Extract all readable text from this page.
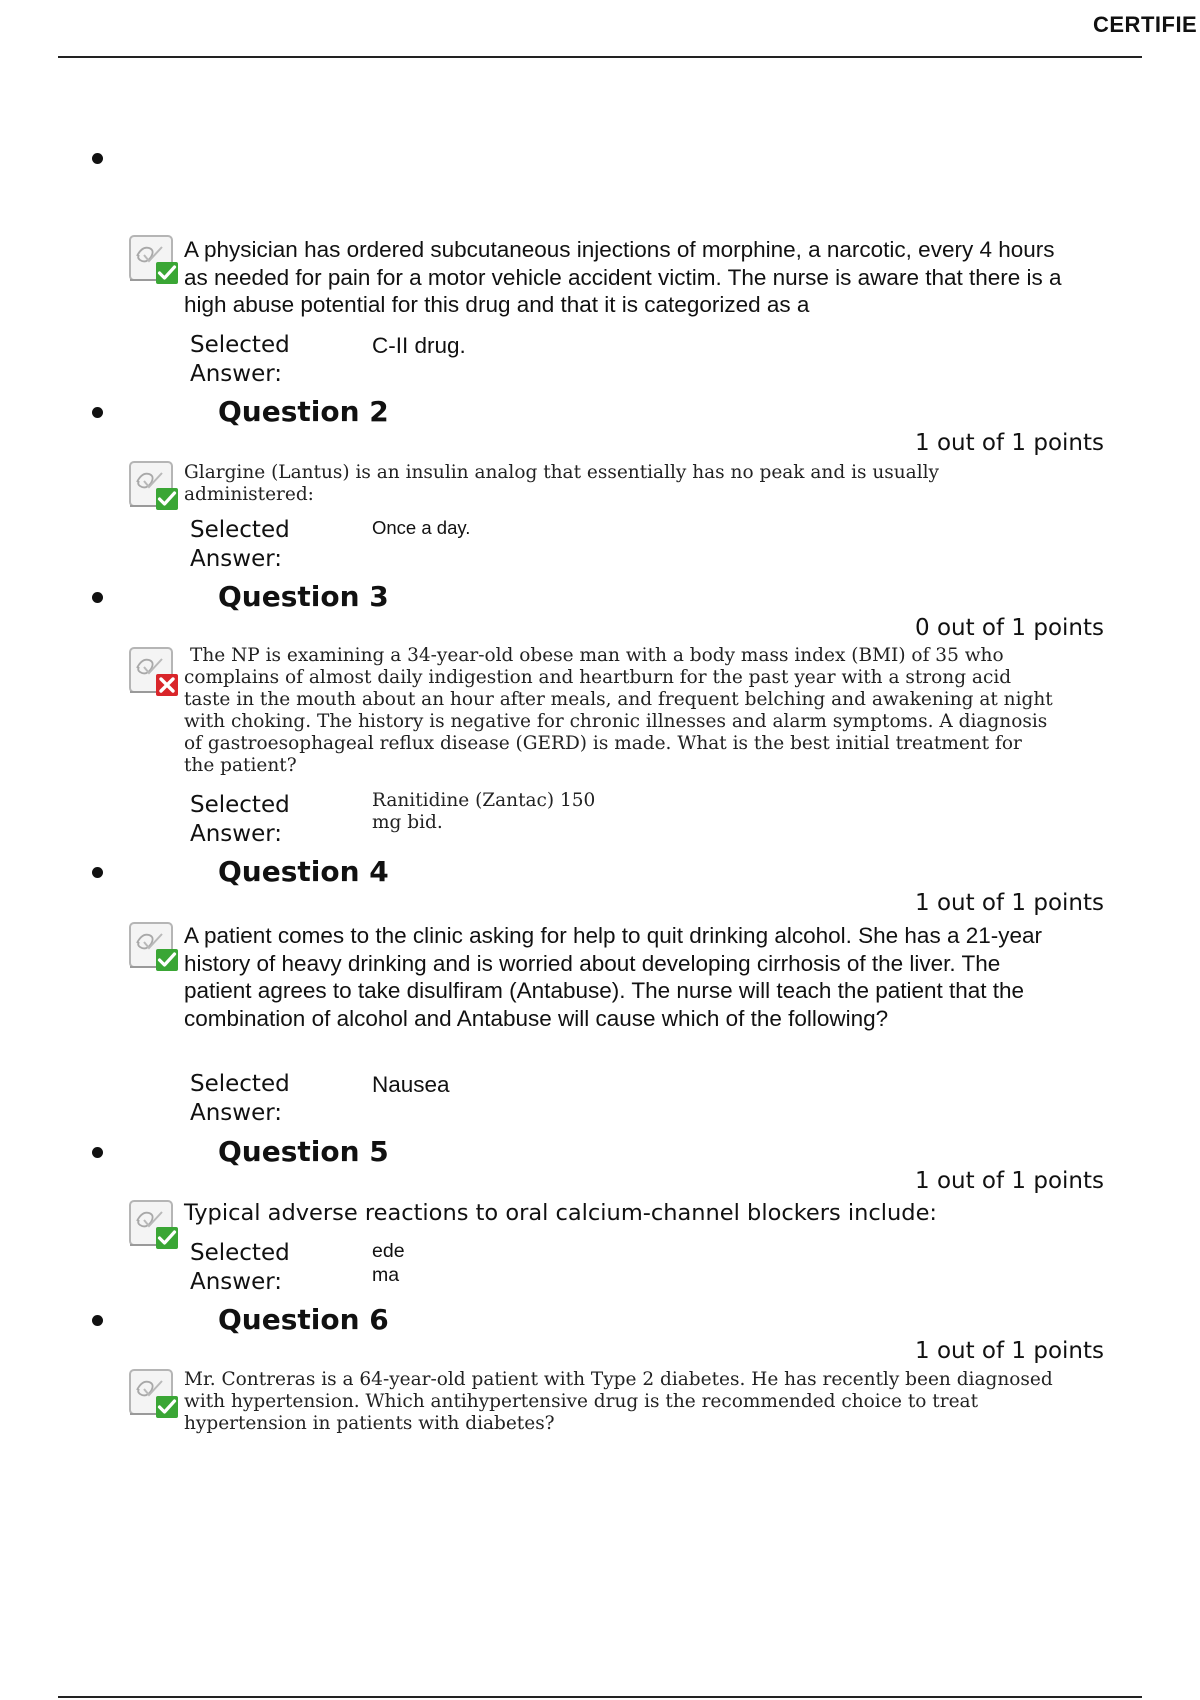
CERTIFIE

A physician has ordered subcutaneous injections of morphine, a narcotic, every 4 hours as needed for pain for a motor vehicle accident victim. The nurse is aware that there is a high abuse potential for this drug and that it is categorized as a

Selected
Answer:

C-II drug.

Question 2
1 out of 1 points

Glargine (Lantus) is an insulin analog that essentially has no peak and is usually administered:

Selected
Answer:

Once a day.

Question 3
0 out of 1 points

The NP is examining a 34-year-old obese man with a body mass index (BMI) of 35 who complains of almost daily indigestion and heartburn for the past year with a strong acid taste in the mouth about an hour after meals, and frequent belching and awakening at night with choking. The history is negative for chronic illnesses and alarm symptoms. A diagnosis of gastroesophageal reflux disease (GERD) is made. What is the best initial treatment for the patient?

Selected
Answer:
Ranitidine (Zantac) 150
mg bid.
Question 4
1 out of 1 points

A patient comes to the clinic asking for help to quit drinking alcohol. She has a 21-year history of heavy drinking and is worried about developing cirrhosis of the liver. The patient agrees to take disulfiram (Antabuse). The nurse will teach the patient that the combination of alcohol and Antabuse will cause which of the following?

Selected
Answer:

Nausea

Question 5
1 out of 1 points

Typical adverse reactions to oral calcium-channel blockers include:

Selected
Answer:
ede
ma
Question 6
1 out of 1 points

Mr. Contreras is a 64-year-old patient with Type 2 diabetes. He has recently been diagnosed with hypertension. Which antihypertensive drug is the recommended choice to treat hypertension in patients with diabetes?
